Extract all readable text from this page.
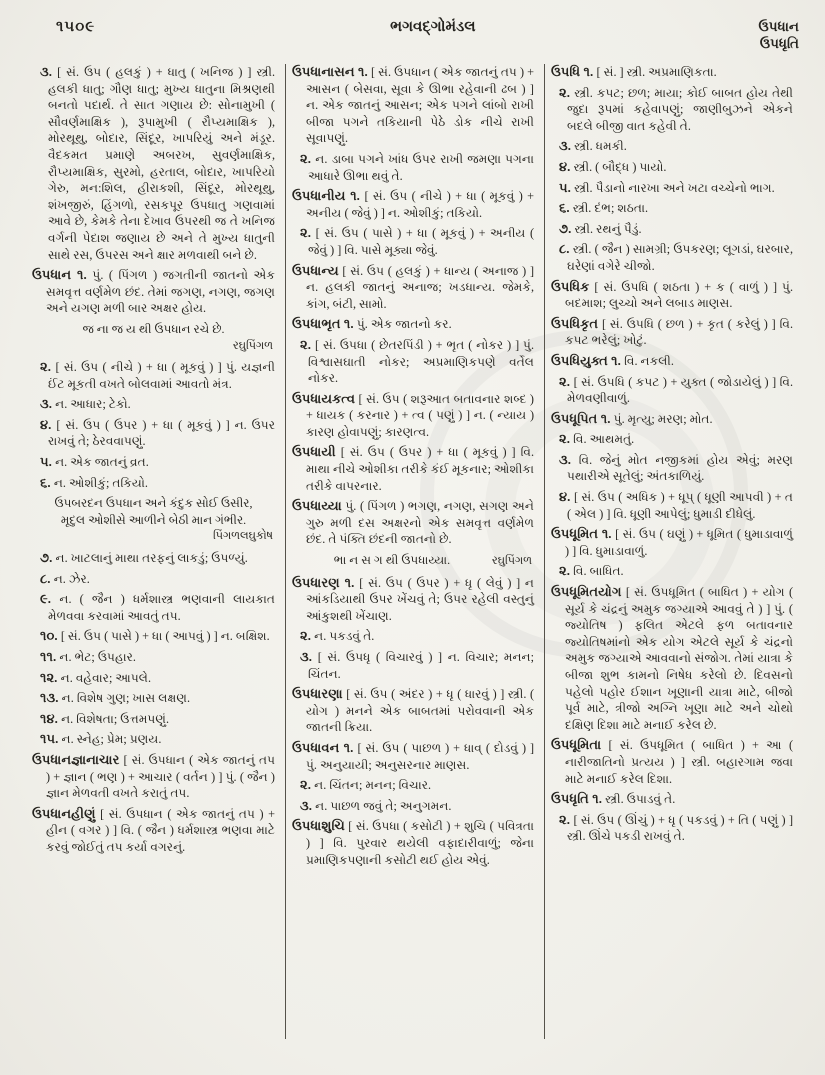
૧૫૦૯	ભગવદ્ગોમંડલ	ઉપધાન
ઉપધૃતિ

૩. [ સં. ઉપ ( હલકું ) + ધાતુ ( ખનિજ ) ] સ્ત્રી. હલકી ધાતુ; ગૌણ ધાતુ; મુખ્ય ધાતુના મિશ્રણથી બનતો પદાર્થ. તે સાત ગણાય છે: સોનામુખી ( સૌવર્ણમાક્ષિક ), રૂપામુખી ( રૌપ્યમાક્ષિક ), મોરથૂથુ, બોદાર, સિંદૂર, ખાપરિયું અને મંડૂર. વૈદકમત પ્રમાણે અબરખ, સુવર્ણમાક્ષિક, રૌપ્યમાક્ષિક, સુરમો, હરતાલ, બોદાર, ખાપરિયો ગેરુ, મન:શિલ, હીરાકશી, સિંદૂર, મોરથૂથુ, શંખજીરું, હિંગળો, રસકપૂર ઉપધાતુ ગણવામાં આવે છે, કેમકે તેના દેખાવ ઉપરથી જ તે ખનિજ વર્ગની પેદાશ જણાય છે અને તે મુખ્ય ધાતુની સાથે રસ, ઉપરસ અને ક્ષાર મળવાથી બને છે.

ઉપધાન ૧. પું. ( પિંગળ ) જગતીની જાતનો એક સમવૃત્ત વર્ણમેળ છંદ. તેમાં જગણ, નગણ, જગણ અને યગણ મળી બાર અક્ષર હોય.

જ ના જ ય થી ઉપધાન રચે છે.
રઘુપિંગળ

૨. [ સં. ઉપ ( નીચે ) + ધા ( મૂકવું ) ] પું. યજ્ઞની ઈંટ મૂકતી વખતે બોલવામાં આવતો મંત્ર.

૩. ન. આધાર; ટેકો.

૪. [ સં. ઉપ ( ઉપર ) + ધા ( મૂકવું ) ] ન. ઉપર રાખવું તે; ઠેરવવાપણું.

૫. ન. એક જાતનું વ્રત.

૬. ન. ઓશીકું; તકિયો.

ઉપબરદન ઉપધાન અને કંદુક સોઈ ઉસીર,
મૃદુલ ઓશીસે આળીને બેઠી માન ગંભીર.
પિંગળલઘુકોષ

૭. ન. ખાટલાનું માથા તરફનું લાકડું; ઉપળ્યું.

૮. ન. ઝેર.

૯. ન. ( જૈન ) ધર્મશાસ્ત્ર ભણવાની લાયકાત મેળવવા કરવામાં આવતું તપ.

૧૦. [ સં. ઉપ ( પાસે ) + ધા ( આપવું ) ] ન. બક્ષિશ.

૧૧. ન. ભેટ; ઉપહાર.

૧૨. ન. વહેવાર; આપલે.

૧૩. ન. વિશેષ ગુણ; ખાસ લક્ષણ.

૧૪. ન. વિશેષતા; ઉત્તમપણું.

૧૫. ન. સ્નેહ; પ્રેમ; પ્રણય.

ઉપધાનજ્ઞાનાચાર [ સં. ઉપધાન ( એક જાતનું તપ ) + જ્ઞાન ( ભણ ) + આચાર ( વર્તન ) ] પું. ( જૈન ) જ્ઞાન મેળવતી વખતે કરાતું તપ.

ઉપધાનહીણું [ સં. ઉપધાન ( એક જાતનું તપ ) + હીન ( વગર ) ] વિ. ( જૈન ) ધર્મશાસ્ત્ર ભણવા માટે કરવું જોઈતું તપ કર્યા વગરનું.

ઉપધાનાસન ૧. [ સં. ઉપધાન ( એક જાતનું તપ ) + આસન ( બેસવા, સૂવા કે ઊભા રહેવાની ઢબ ) ] ન. એક જાતનું આસન; એક પગને લાંબો રાખી બીજા પગને તકિયાની પેઠે ડોક નીચે રાખી સૂવાપણું.

૨. ન. ડાબા પગને ખાંધ ઉપર રાખી જમણા પગના આધારે ઊભા થવું તે.

ઉપધાનીય ૧. [ સં. ઉપ ( નીચે ) + ધા ( મૂકવું ) + અનીય ( જેવું ) ] ન. ઓશીકું; તકિયો.

૨. [ સં. ઉપ ( પાસે ) + ધા ( મૂકવું ) + અનીય ( જેવું ) ] વિ. પાસે મૂક્યા જેવું.

ઉપધાન્ય [ સં. ઉપ ( હલકું ) + ધાન્ય ( અનાજ ) ] ન. હલકી જાતનું અનાજ; ખડધાન્ય. જેમકે, કાંગ, બંટી, સામો.

ઉપધાભૃત ૧. પું. એક જાતનો કર.

૨. [ સં. ઉપધા ( છેતરપિંડી ) + ભૃત ( નોકર ) ] પું. વિશ્વાસઘાતી નોકર; અપ્રમાણિકપણે વર્તેલ નોકર.

ઉપધાયકત્વ [ સં. ઉપ ( શરૂઆત બતાવનાર શબ્દ ) + ધાયક ( કરનાર ) + ત્વ ( પણું ) ] ન. ( ન્યાય ) કારણ હોવાપણું; કારણત્વ.

ઉપધાયી [ સં. ઉપ ( ઉપર ) + ધા ( મૂકવું ) ] વિ. માથા નીચે ઓશીકા તરીકે કંઈ મૂકનાર; ઓશીકા તરીકે વાપરનાર.

ઉપધાય્યા પું. ( પિંગળ ) ભગણ, નગણ, સગણ અને ગુરુ મળી દસ અક્ષરનો એક સમવૃત્ત વર્ણમેળ છંદ. તે પંક્તિ છંદની જાતનો છે.

ભા ન સ ગ થી ઉપધાય્યા.	રઘુપિંગળ

ઉપધારણ ૧. [ સં. ઉપ ( ઉપર ) + ધૃ ( લેવું ) ] ન આંકડિયાથી ઉપર ખેંચવું તે; ઉપર રહેલી વસ્તુનું આંકુશથી ખેંચાણ.

૨. ન. પકડવું તે.

૩. [ સં. ઉપધૃ ( વિચારવું ) ] ન. વિચાર; મનન; ચિંતન.

ઉપધારણા [ સં. ઉપ ( અંદર ) + ધૃ ( ધારવું ) ] સ્ત્રી. ( યોગ ) મનને એક બાબતમાં પરોવવાની એક જાતની ક્રિયા.

ઉપધાવન ૧. [ સં. ઉપ ( પાછળ ) + ધાવ્ ( દોડવું ) ] પું. અનુયાયી; અનુસરનાર માણસ.

૨. ન. ચિંતન; મનન; વિચાર.

૩. ન. પાછળ જવું તે; અનુગમન.

ઉપધાશુચિ [ સં. ઉપધા ( કસોટી ) + શુચિ ( પવિત્રતા ) ] વિ. પુરવાર થયેલી વફાદારીવાળું; જેના પ્રમાણિકપણાની કસોટી થઈ હોય એવું.

ઉપધિ ૧. [ સં. ] સ્ત્રી. અપ્રમાણિકતા.

૨. સ્ત્રી. કપટ; છળ; માયા; કોઈ બાબત હોય તેથી જુદા રૂપમાં કહેવાપણું; જાણીબુઝને એકને બદલે બીજી વાત કહેવી તે.

૩. સ્ત્રી. ધમકી.

૪. સ્ત્રી. ( બૌદ્ધ ) પાયો.

૫. સ્ત્રી. પૈડાનો નારખા અને ખટા વચ્ચેનો ભાગ.

૬. સ્ત્રી. દંભ; શઠતા.

૭. સ્ત્રી. રથનું પૈડું.

૮. સ્ત્રી. ( જૈન ) સામગ્રી; ઉપકરણ; લૂગડાં, ઘરબાર, ઘરેણાં વગેરે ચીજો.

ઉપધિક [ સં. ઉપધિ ( શઠતા ) + ક ( વાળું ) ] પું. બદમાશ; લુચ્ચો અને લબાડ માણસ.

ઉપધિકૃત [ સં. ઉપધિ ( છળ ) + કૃત ( કરેલું ) ] વિ. કપટ ભરેલું; ખોટું.

ઉપધિયુક્ત ૧. વિ. નકલી.

૨. [ સં. ઉપધિ ( કપટ ) + યુક્ત ( જોડાયેલું ) ] વિ. મેળવણીવાળું.

ઉપધૂપિત ૧. પું. મૃત્યુ; મરણ; મોત.

૨. વિ. આથમતું.

૩. વિ. જેનું મોત નજીકમાં હોય એવું; મરણ પથારીએ સૂતેલું; અંતકાળિયું.

૪. [ સં. ઉપ ( અધિક ) + ધૂપ્ ( ધૂણી આપવી ) + ત ( એલ ) ] વિ. ધૂણી આપેલું; ધુમાડી દીધેલું.

ઉપધૂમિત ૧. [ સં. ઉપ ( ઘણું ) + ધૂમિત ( ધુમાડાવાળું ) ] વિ. ધુમાડાવાળું.

૨. વિ. બાધિત.

ઉપધૂમિતયોગ [ સં. ઉપધૂમિત ( બાધિત ) + યોગ ( સૂર્ય કે ચંદ્રનું અમુક જગ્યાએ આવવું તે ) ] પું. ( જ્યોતિષ ) ફલિત એટલે ફળ બતાવનાર જ્યોતિષમાંનો એક યોગ એટલે સૂર્ય કે ચંદ્રનો અમુક જગ્યાએ આવવાનો સંજોગ. તેમાં યાત્રા કે બીજા શુભ કામનો નિષેધ કરેલો છે. દિવસનો પહેલો પહોર ઈશાન ખૂણાની યાત્રા માટે, બીજો પૂર્વ માટે, ત્રીજો અગ્નિ ખૂણા માટે અને ચોથો દક્ષિણ દિશા માટે મનાઈ કરેલ છે.

ઉપધૂમિતા [ સં. ઉપધૂમિત ( બાધિત ) + આ ( નારીજાતિનો પ્રત્યય ) ] સ્ત્રી. બહારગામ જવા માટે મનાઈ કરેલ દિશા.

ઉપધૃતિ ૧. સ્ત્રી. ઉપાડવું તે.

૨. [ સં. ઉપ ( ઊંચું ) + ધૃ ( પકડવું ) + તિ ( પણું ) ] સ્ત્રી. ઊંચે પકડી રાખવું તે.
